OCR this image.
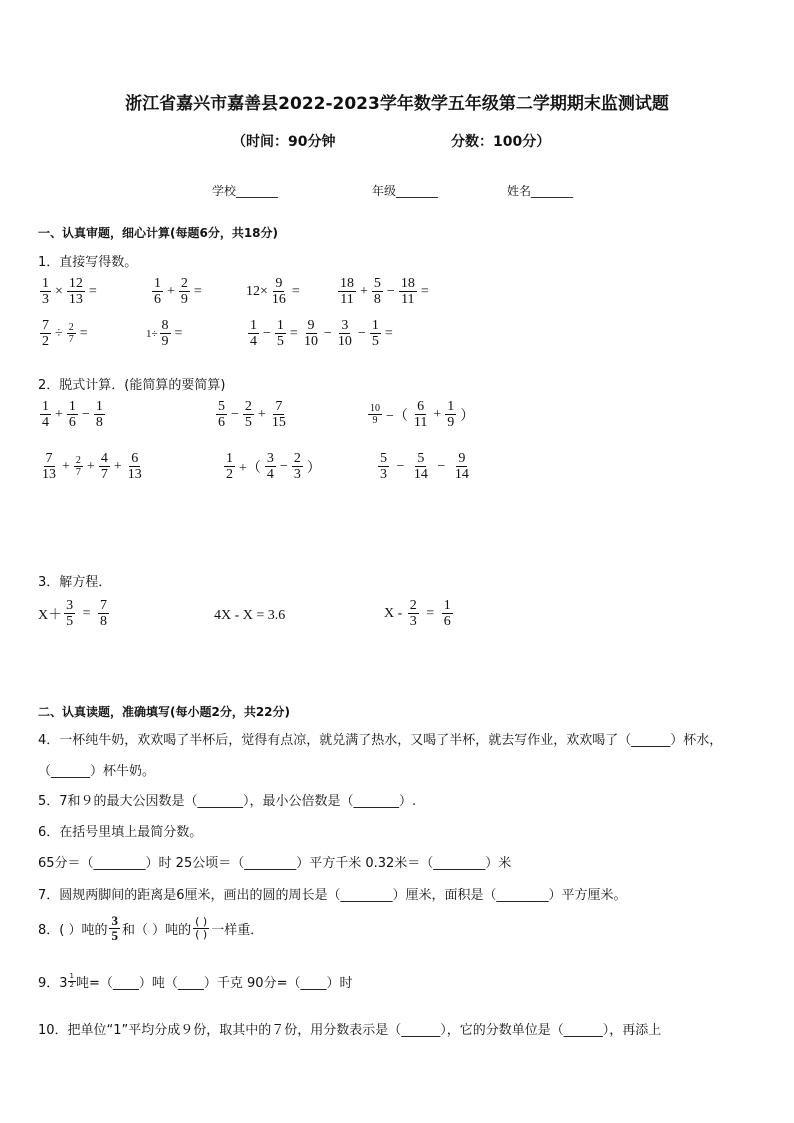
浙江省嘉兴市嘉善县2022-2023学年数学五年级第二学期期末监测试题
（时间：90分钟	分数：100分）
学校_______	年级_______	姓名_______
一、认真审题，细心计算(每题6分，共18分)
1．直接写得数。
$\frac{1}{3} \times \frac{12}{13}$ =	$\frac{1}{6} + \frac{2}{9}$ =	$12\times \frac{9}{16}$ =	$\frac{18}{11} + \frac{5}{8} - \frac{18}{11}$ =
$\frac{7}{2} \div \frac{2}{7}$ =	$1\div \frac{8}{9}$ =	$\frac{1}{4} - \frac{1}{5} = \frac{9}{10} - \frac{3}{10} - \frac{1}{5}$ =
2．脱式计算．(能简算的要简算)
$\frac{1}{4} + \frac{1}{6} - \frac{1}{8}$	$\frac{5}{6} - \frac{2}{5} + \frac{7}{15}$	$\frac{10}{9}$ −（ $\frac{6}{11} + \frac{1}{9}$ ）
$\frac{7}{13} + \frac{2}{7} + \frac{4}{7} + \frac{6}{13}$	$\frac{1}{2}$ +（ $\frac{3}{4} - \frac{2}{3}$ ）	$\frac{5}{3} - \frac{5}{14} - \frac{9}{14}$
3．解方程．
$X+ \frac{3}{5} = \frac{7}{8}$	4X - X = 3.6	$X - \frac{2}{3} = \frac{1}{6}$
二、认真读题，准确填写(每小题2分，共22分)
4．一杯纯牛奶，欢欢喝了半杯后，觉得有点凉，就兑满了热水，又喝了半杯，就去写作业，欢欢喝了（______）杯水，
（______）杯牛奶。
5．7和９的最大公因数是（_______），最小公倍数是（_______）.
6．在括号里填上最简分数。
65分＝（________）时 25公顷＝（________）平方千米 0.32米＝（________）米
7．圆规两脚间的距离是6厘米，画出的圆的周长是（________）厘米，面积是（________）平方厘米。
8．( ）吨的 $\frac{3}{5}$ 和（ ）吨的 $\frac{( )}{( )}$ 一样重．
9．$3 \frac{1}{2}$ 吨=（____）吨（____）千克 90分=（____）时
10．把单位“1”平均分成９份，取其中的７份，用分数表示是（______），它的分数单位是（______），再添上
